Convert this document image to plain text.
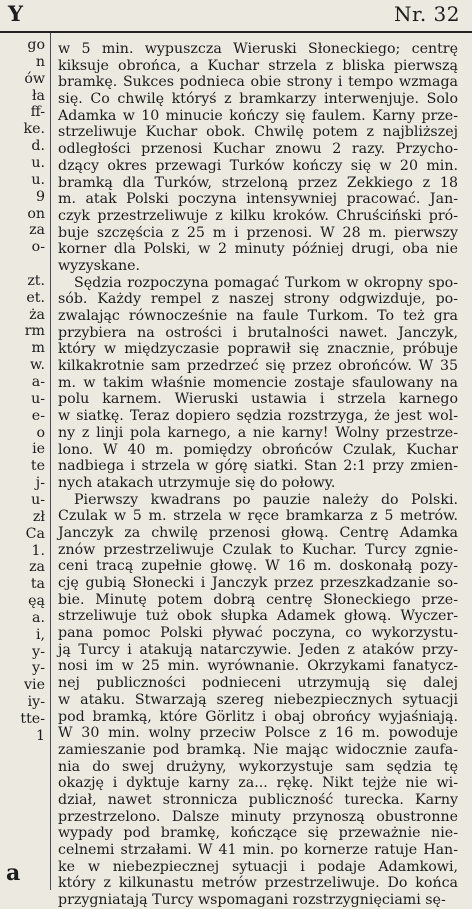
Y	Nr. 32
go
n
ów
ła
ff-
ke.
d.
u.
u.
9
on
za
o-
zt.
et.
ża
rm
m
w.
a-
u-
e-
o
ie
te
j-
u-
zł
Ca
1.
za
ta
ęą
a.
i,
у-
у-
vie
iy-
tte-
1
a
w 5 min. wypuszcza Wieruski Słoneckiego; centrę
kiksuje obrońca, a Kuchar strzela z bliska pierwszą
bramkę. Sukces podnieca obie strony i tempo wzmaga
się. Co chwilę któryś z bramkarzy interwenjuje. Solo
Adamka w 10 minucie kończy się faulem. Karny prze-
strzeliwuje Kuchar obok. Chwilę potem z najbliższej
odległości przenosi Kuchar znowu 2 razy. Przycho-
dzący okres przewagi Turków kończy się w 20 min.
bramką dla Turków, strzeloną przez Zekkiego z 18
m. atak Polski poczyna intensywniej pracować. Jan-
czyk przestrzeliwuje z kilku kroków. Chruściński pró-
buje szczęścia z 25 m i przenosi. W 28 m. pierwszy
korner dla Polski, w 2 minuty później drugi, oba nie
wyzyskane.
Sędzia rozpoczyna pomagać Turkom w okropny spo-
sób. Każdy rempel z naszej strony odgwizduje, po-
zwalając równocześnie na faule Turkom. To też gra
przybiera na ostrości i brutalności nawet. Janczyk,
który w międzyczasie poprawił się znacznie, próbuje
kilkakrotnie sam przedrzeć się przez obrońców. W 35
m. w takim właśnie momencie zostaje sfaulowany na
polu karnem. Wieruski ustawia i strzela karnego
w siatkę. Teraz dopiero sędzia rozstrzyga, że jest wol-
ny z linji pola karnego, a nie karny! Wolny przestrze-
lono. W 40 m. pomiędzy obrońców Czulak, Kuchar
nadbiega i strzela w górę siatki. Stan 2:1 przy zmien-
nych atakach utrzymuje się do połowy.
Pierwszy kwadrans po pauzie należy do Polski.
Czulak w 5 m. strzela w ręce bramkarza z 5 metrów.
Janczyk za chwilę przenosi głową. Centrę Adamka
znów przestrzeliwuje Czulak to Kuchar. Turcy zgnie-
ceni tracą zupełnie głowę. W 16 m. doskonałą pozy-
cję gubią Słonecki i Janczyk przez przeszkadzanie so-
bie. Minutę potem dobrą centrę Słoneckiego prze-
strzeliwuje tuż obok słupka Adamek głową. Wyczer-
pana pomoc Polski pływać poczyna, co wykorzystu-
ją Turcy i atakują natarczywie. Jeden z ataków przy-
nosi im w 25 min. wyrównanie. Okrzykami fanatycz-
nej publiczności podnieceni utrzymują się dalej
w ataku. Stwarzają szereg niebezpiecznych sytuacji
pod bramką, które Görlitz i obaj obrońcy wyjaśniają.
W 30 min. wolny przeciw Polsce z 16 m. powoduje
zamieszanie pod bramką. Nie mając widocznie zaufa-
nia do swej drużyny, wykorzystuje sam sędzia tę
okazję i dyktuje karny za... rękę. Nikt tejże nie wi-
dział, nawet stronnicza publiczność turecka. Karny
przestrzelono. Dalsze minuty przynoszą obustronne
wypady pod bramkę, kończące się przeważnie nie-
celnemi strzałami. W 41 min. po kornerze ratuje Han-
ke w niebezpiecznej sytuacji i podaje Adamkowi,
który z kilkunastu metrów przestrzeliwuje. Do końca
przygniatają Turcy wspomagani rozstrzygnięciami sę-
